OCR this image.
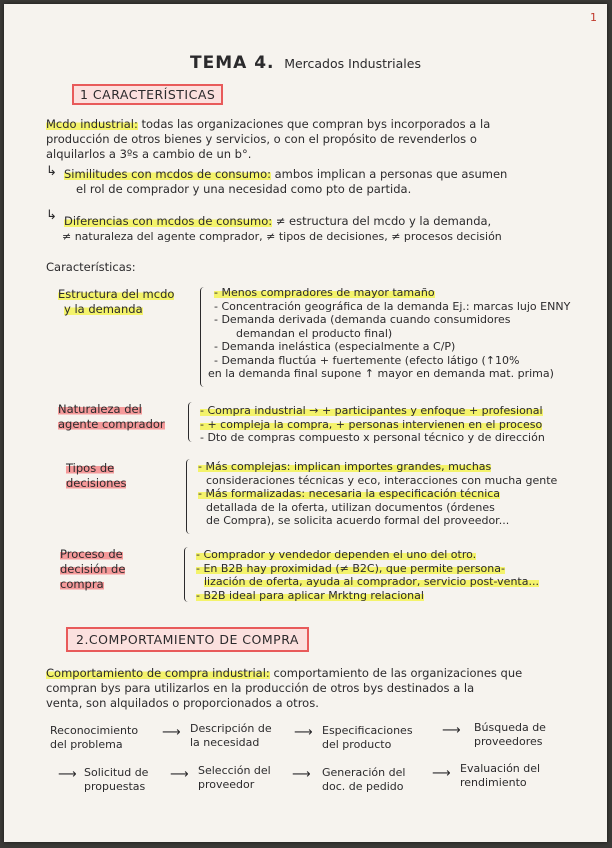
1
TEMA 4. Mercados Industriales
1 CARACTERÍSTICAS
Mcdo industrial: todas las organizaciones que compran bys incorporados a la
producción de otros bienes y servicios, o con el propósito de revenderlos o
alquilarlos a 3ºs a cambio de un b°.
↳ Similitudes con mcdos de consumo: ambos implican a personas que asumen
el rol de comprador y una necesidad como pto de partida.
↳ Diferencias con mcdos de consumo: ≠ estructura del mcdo y la demanda,
≠ naturaleza del agente comprador, ≠ tipos de decisiones, ≠ procesos decisión
Características:
Estructura del mcdo
y la demanda
- Menos compradores de mayor tamaño
- Concentración geográfica de la demanda Ej.: marcas lujo ENNY
- Demanda derivada (demanda cuando consumidores
demandan el producto final)
- Demanda inelástica (especialmente a C/P)
- Demanda fluctúa + fuertemente (efecto látigo (↑10%
en la demanda final supone ↑ mayor en demanda mat. prima)
Naturaleza del
agente comprador
- Compra industrial → + participantes y enfoque + profesional
- + compleja la compra, + personas intervienen en el proceso
- Dto de compras compuesto x personal técnico y de dirección
Tipos de
decisiones
- Más complejas: implican importes grandes, muchas
consideraciones técnicas y eco, interacciones con mucha gente
- Más formalizadas: necesaria la especificación técnica
detallada de la oferta, utilizan documentos (órdenes
de Compra), se solicita acuerdo formal del proveedor...
Proceso de
decisión de
compra
- Comprador y vendedor dependen el uno del otro.
- En B2B hay proximidad (≠ B2C), que permite persona-
lización de oferta, ayuda al comprador, servicio post-venta...
- B2B ideal para aplicar Mrktng relacional
2.COMPORTAMIENTO DE COMPRA
Comportamiento de compra industrial: comportamiento de las organizaciones que
compran bys para utilizarlos en la producción de otros bys destinados a la
venta, son alquilados o proporcionados a otros.
Reconocimiento
del problema
⟶ Descripción de
la necesidad
⟶ Especificaciones
del producto
⟶ Búsqueda de
proveedores
⟶ Solicitud de
propuestas
⟶ Selección del
proveedor
⟶ Generación del
doc. de pedido
⟶ Evaluación del
rendimiento
